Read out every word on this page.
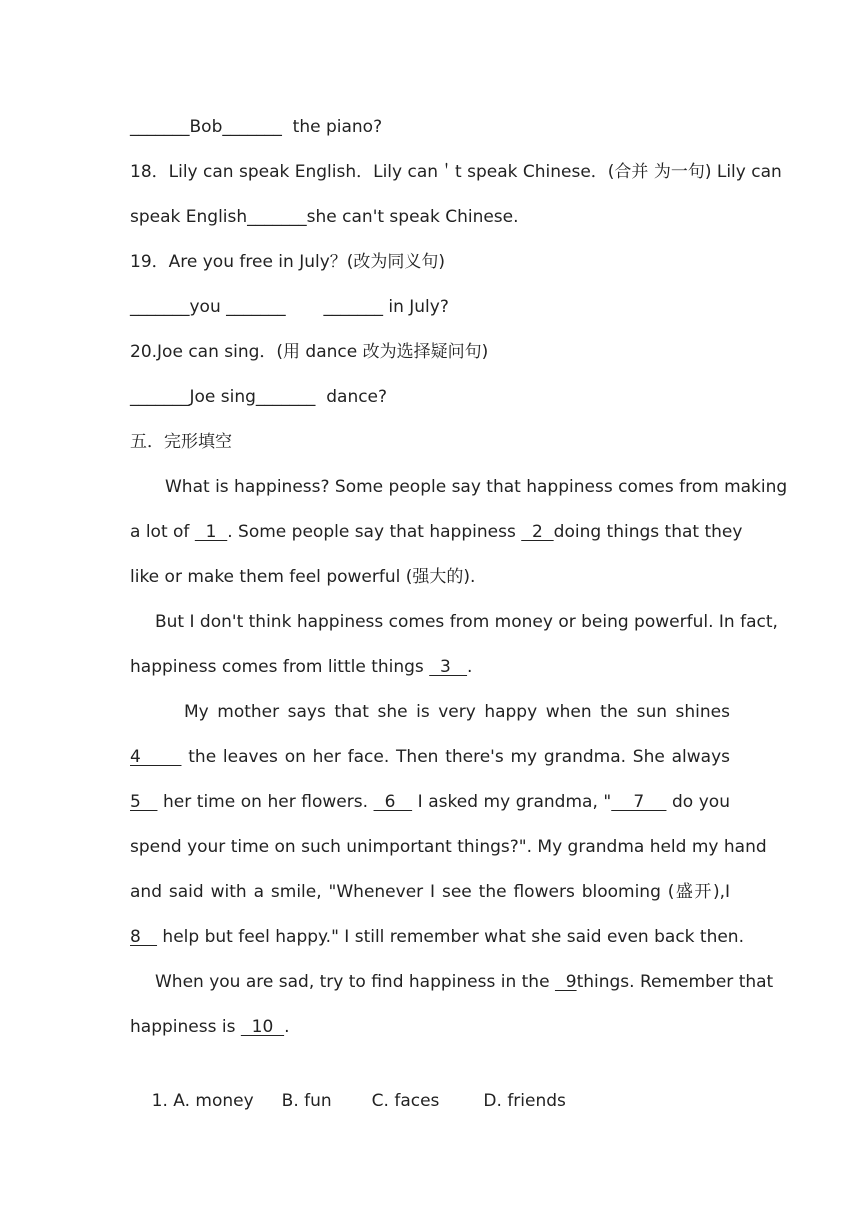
_______Bob_______  the piano?
18．Lily can speak English．Lily can＇t speak Chinese．(合并 为一句) Lily can
speak English_______she can't speak Chinese.
19．Are you free in July？(改为同义句)
_______you _______       _______ in July?
20.Joe can sing．(用 dance 改为选择疑问句)
_______Joe sing_______  dance?
五．完形填空
What is happiness? Some people say that happiness comes from making
a lot of   1  . Some people say that happiness   2  doing things that they
like or make them feel powerful (强大的).
But I don't think happiness comes from money or being powerful. In fact,
happiness comes from little things   3   .
My mother says that she is very happy when the sun shines
4       the leaves on her face. Then there's my grandma. She always
5    her time on her flowers.   6    I asked my grandma, "    7     do you
spend your time on such unimportant things?". My grandma held my hand
and said with a smile, "Whenever I see the flowers blooming (盛开),I
8    help but feel happy." I still remember what she said even back then.
When you are sad, try to find happiness in the   9things. Remember that
happiness is   10  .

1. A. money B. fun C. faces	D. friends
